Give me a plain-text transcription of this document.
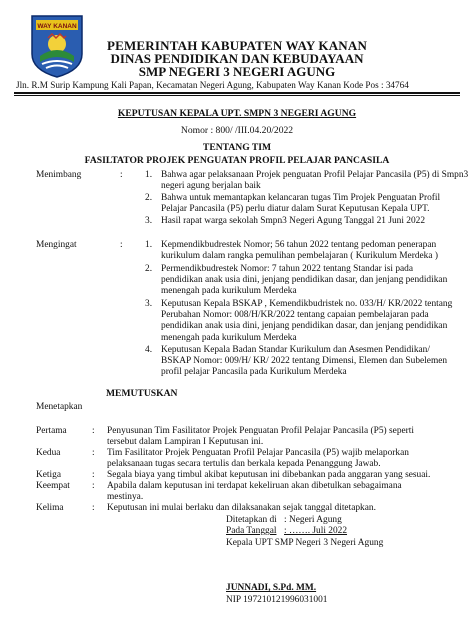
WAY KANAN
PEMERINTAH KABUPATEN WAY KANAN
DINAS PENDIDIKAN DAN KEBUDAYAAN
SMP NEGERI 3 NEGERI AGUNG
Jln. R.M Surip Kampung Kali Papan, Kecamatan Negeri Agung, Kabupaten Way Kanan Kode Pos : 34764
KEPUTUSAN KEPALA UPT. SMPN 3 NEGERI AGUNG
Nomor : 800/ /III.04.20/2022
TENTANG TIM
FASILTATOR PROJEK PENGUATAN PROFIL PELAJAR PANCASILA
Menimbang	: 1. Bahwa agar pelaksanaan Projek penguatan Profil Pelajar Pancasila (P5) di Smpn3
negeri agung berjalan baik
2. Bahwa untuk memantapkan kelancaran tugas Tim Projek Penguatan Profil
Pelajar Pancasila (P5) perlu diatur dalam Surat Keputusan Kepala UPT.
3. Hasil rapat warga sekolah Smpn3 Negeri Agung Tanggal 21 Juni 2022
Mengingat	: 1. Kepmendikbudrestek Nomor; 56 tahun 2022 tentang pedoman penerapan
kurikulum dalam rangka pemulihan pembelajaran ( Kurikulum Merdeka )
2. Permendikbudrestek Nomor: 7 tahun 2022 tentang Standar isi pada
pendidikan anak usia dini, jenjang pendidikan dasar, dan jenjang pendidikan
menengah pada kurikulum Merdeka
3. Keputusan Kepala BSKAP , Kemendikbudristek no. 033/H/ KR/2022 tentang
Perubahan Nomor: 008/H/KR/2022 tentang capaian pembelajaran pada
pendidikan anak usia dini, jenjang pendidikan dasar, dan jenjang pendidikan
menengah pada kurikulum Merdeka
4. Keputusan Kepala Badan Standar Kurikulum dan Asesmen Pendidikan/
BSKAP Nomor: 009/H/ KR/ 2022 tentang Dimensi, Elemen dan Subelemen
profil pelajar Pancasila pada Kurikulum Merdeka
MEMUTUSKAN
Menetapkan
Pertama	: Penyusunan Tim Fasilitator Projek Penguatan Profil Pelajar Pancasila (P5) seperti
tersebut dalam Lampiran I Keputusan ini.
Kedua	: Tim Fasilitator Projek Penguatan Profil Pelajar Pancasila (P5) wajib melaporkan
pelaksanaan tugas secara tertulis dan berkala kepada Penanggung Jawab.
Ketiga	: Segala biaya yang timbul akibat keputusan ini dibebankan pada anggaran yang sesuai.
Keempat : Apabila dalam keputusan ini terdapat kekeliruan akan dibetulkan sebagaimana
mestinya.
Kelima	: Keputusan ini mulai berlaku dan dilaksanakan sejak tanggal ditetapkan.
Ditetapkan di : Negeri Agung
Pada Tanggal : ……. Juli 2022
Kepala UPT SMP Negeri 3 Negeri Agung
JUNNADI, S.Pd. MM.
NIP 197210121996031001
